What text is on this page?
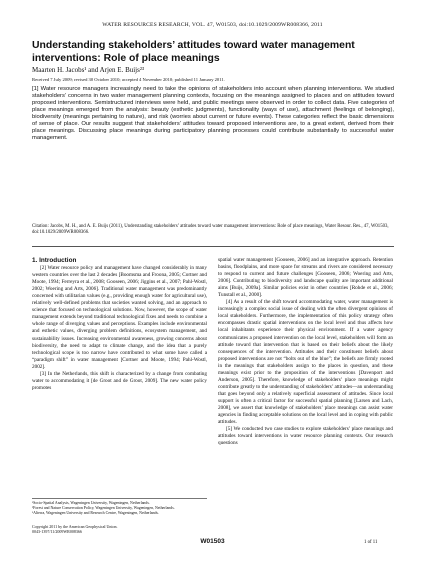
WATER RESOURCES RESEARCH, VOL. 47, W01503, doi:10.1029/2009WR008366, 2011
Understanding stakeholders’ attitudes toward water management interventions: Role of place meanings
Maarten H. Jacobs¹ and Arjen E. Buijs²³
Received 7 July 2009; revised 30 October 2010; accepted 4 November 2010; published 11 January 2011.
[1] Water resource managers increasingly need to take the opinions of stakeholders into account when planning interventions. We studied stakeholders’ concerns in two water management planning contexts, focusing on the meanings assigned to places and on attitudes toward proposed interventions. Semistructured interviews were held, and public meetings were observed in order to collect data. Five categories of place meanings emerged from the analysis: beauty (esthetic judgments), functionality (ways of use), attachment (feelings of belonging), biodiversity (meanings pertaining to nature), and risk (worries about current or future events). These categories reflect the basic dimensions of sense of place. Our results suggest that stakeholders’ attitudes toward proposed interventions are, to a great extent, derived from their place meanings. Discussing place meanings during participatory planning processes could contribute substantially to successful water management.
Citation: Jacobs, M. H., and A. E. Buijs (2011), Understanding stakeholders’ attitudes toward water management interventions: Role of place meanings, Water Resour. Res., 47, W01503, doi:10.1029/2009WR008366.
1. Introduction

[2] Water resource policy and management have changed considerably in many western countries over the last 2 decades [Boomsma and Froona, 2005; Cortner and Moote, 1994; Ferreyra et al., 2008; Gooseen, 2006; Jiggins et al., 2007; Pahl-Wostl, 2002; Woering and Arts, 2006]. Traditional water management was predominantly concerned with utilitarian values (e.g., providing enough water for agricultural use), relatively well-defined problems that societies wanted solving, and an approach to science that focused on technological solutions. Now, however, the scope of water management extends beyond traditional technological fixes and needs to combine a whole range of diverging values and perceptions. Examples include environmental and esthetic values, diverging problem definitions, ecosystem management, and sustainability issues. Increasing environmental awareness, growing concerns about biodiversity, the need to adapt to climate change, and the idea that a purely technological scope is too narrow have contributed to what some have called a “paradigm shift” in water management [Cortner and Moote, 1994; Pahl-Wostl, 2002].

[3] In the Netherlands, this shift is characterized by a change from combating water to accommodating it [de Groot and de Groot, 2009]. The new water policy promotes

spatial water management [Gooseen, 2006] and an integrative approach. Retention basins, floodplains, and more space for streams and rivers are considered necessary to respond to current and future challenges [Gooseen, 2006; Woering and Arts, 2006]. Contributing to biodiversity and landscape quality are important additional aims [Buijs, 2009a]. Similar policies exist in other countries [Rohde et al., 2006; Tunstall et al., 2000].

[4] As a result of the shift toward accommodating water, water management is increasingly a complex social issue of dealing with the often divergent opinions of local stakeholders. Furthermore, the implementation of this policy strategy often encompasses drastic spatial interventions on the local level and thus affects how local inhabitants experience their physical environment. If a water agency communicates a proposed intervention on the local level, stakeholders will form an attitude toward that intervention that is based on their beliefs about the likely consequences of the intervention. Attitudes and their constituent beliefs about proposed interventions are not “bolts out of the blue”; the beliefs are firmly rooted in the meanings that stakeholders assign to the places in question, and these meanings exist prior to the proposition of the interventions [Davenport and Anderson, 2005]. Therefore, knowledge of stakeholders’ place meanings might contribute greatly to the understanding of stakeholders’ attitudes—an understanding that goes beyond only a relatively superficial assessment of attitudes. Since local support is often a critical factor for successful spatial planning [Larsen and Lach, 2008], we assert that knowledge of stakeholders’ place meanings can assist water agencies in finding acceptable solutions on the local level and in coping with public attitudes.

[5] We conducted two case studies to explore stakeholders’ place meanings and attitudes toward interventions in water resource planning contexts. Our research questions

¹Socio-Spatial Analysis, Wageningen University, Wageningen, Netherlands.
²Forest and Nature Conservation Policy, Wageningen University, Wageningen, Netherlands.
³Alterra, Wageningen University and Research Centre, Wageningen, Netherlands.
Copyright 2011 by the American Geophysical Union.
0043-1397/11/2009WR008366
W01503	1 of 11
